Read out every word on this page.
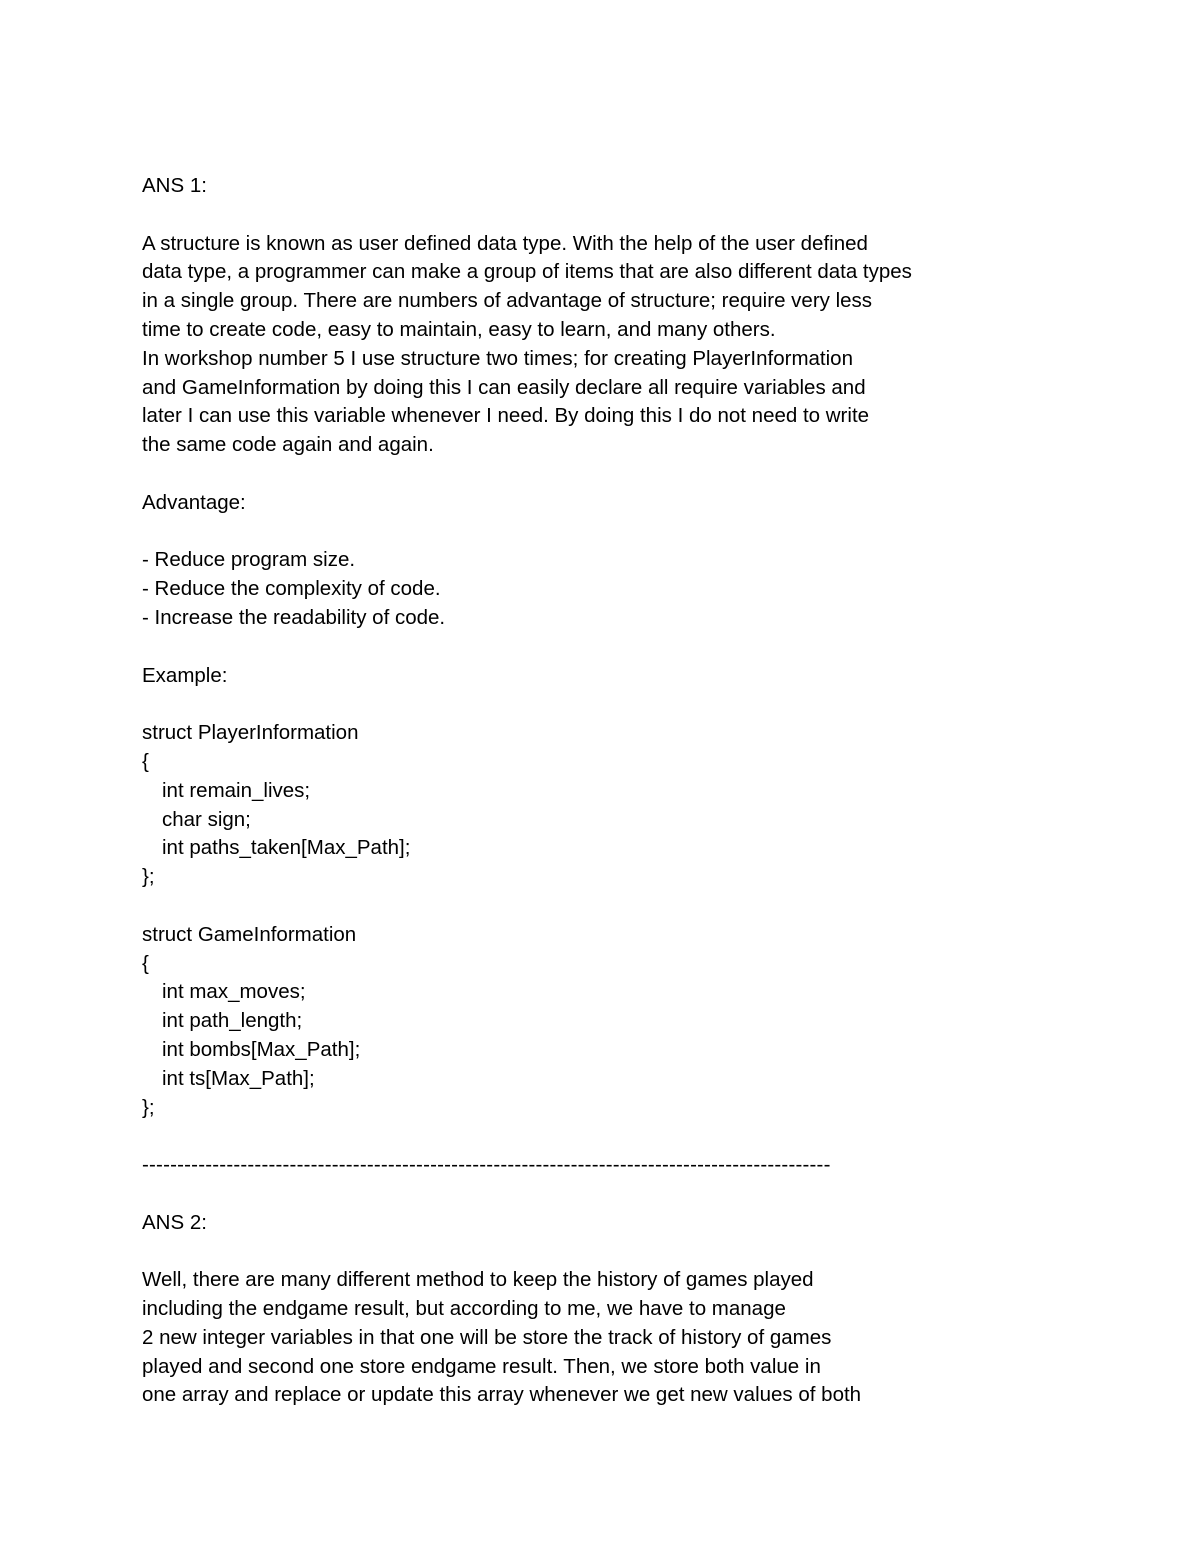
ANS 1:
A structure is known as user defined data type. With the help of the user defined
data type, a programmer can make a group of items that are also different data types
in a single group. There are numbers of advantage of structure; require very less
time to create code, easy to maintain, easy to learn, and many others.
In workshop number 5 I use structure two times; for creating PlayerInformation
and GameInformation by doing this I can easily declare all require variables and
later I can use this variable whenever I need. By doing this I do not need to write
the same code again and again.
Advantage:
- Reduce program size.
- Reduce the complexity of code.
- Increase the readability of code.
Example:
struct PlayerInformation
{
int remain_lives;
char sign;
int paths_taken[Max_Path];
};
struct GameInformation
{
int max_moves;
int path_length;
int bombs[Max_Path];
int ts[Max_Path];
};
--------------------------------------------------------------------------------------------------
ANS 2:
Well, there are many different method to keep the history of games played
including the endgame result, but according to me, we have to manage
2 new integer variables in that one will be store the track of history of games
played and second one store endgame result. Then, we store both value in
one array and replace or update this array whenever we get new values of both
